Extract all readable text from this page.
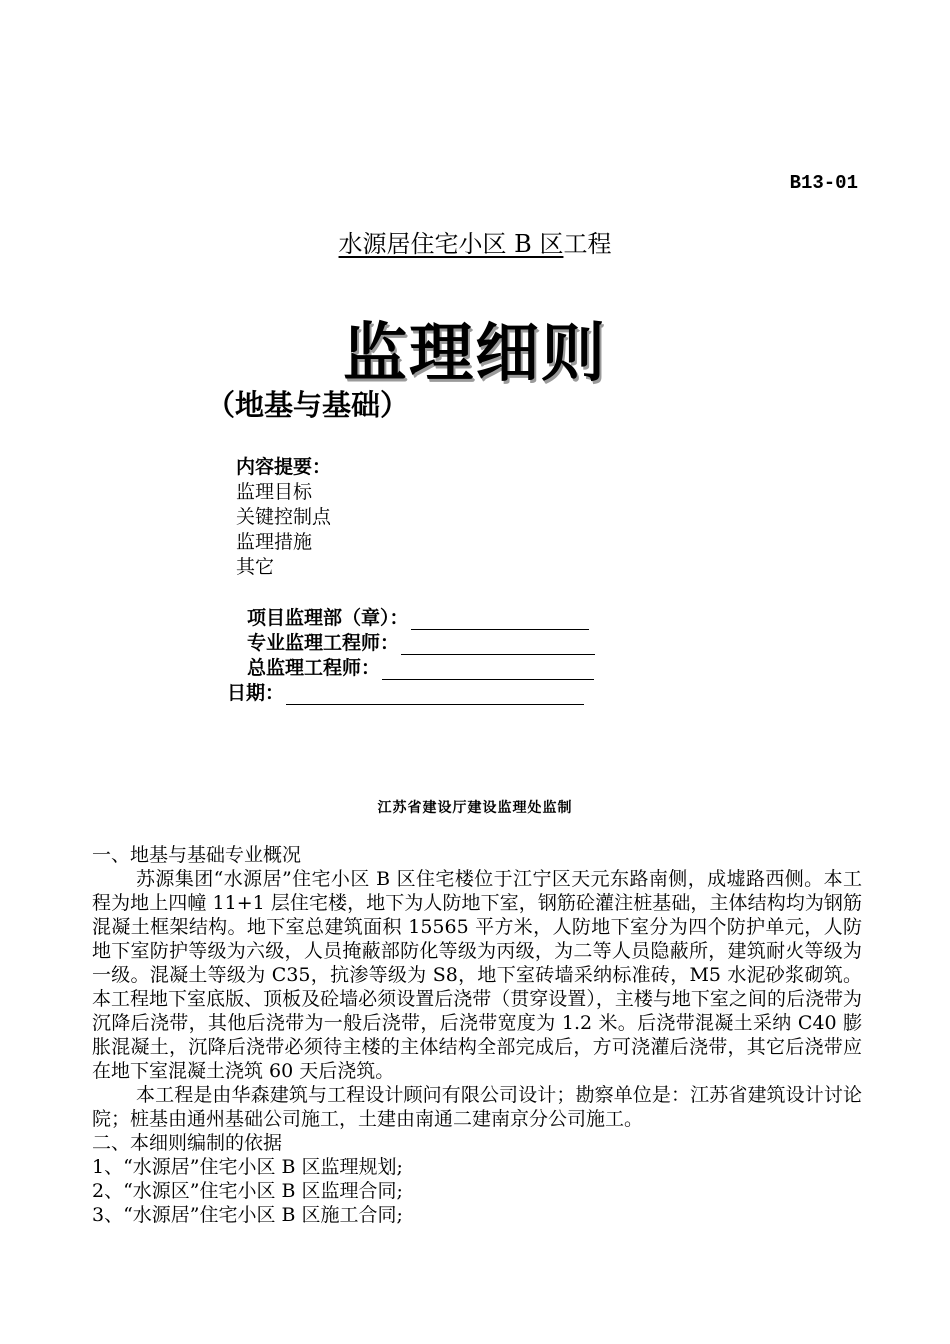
B13-01
水源居住宅小区 B 区工程
监理细则
（地基与基础）
内容提要：
监理目标
关键控制点
监理措施
其它
项目监理部（章）：
专业监理工程师：
总监理工程师：
日期：
江苏省建设厅建设监理处监制

一、地基与基础专业概况

苏源集团“水源居”住宅小区 B 区住宅楼位于江宁区天元东路南侧，成墟路西侧。本工程为地上四幢 11+1 层住宅楼，地下为人防地下室，钢筋砼灌注桩基础，主体结构均为钢筋混凝土框架结构。地下室总建筑面积 15565 平方米，人防地下室分为四个防护单元，人防地下室防护等级为六级，人员掩蔽部防化等级为丙级，为二等人员隐蔽所，建筑耐火等级为一级。混凝土等级为 C35，抗渗等级为 S8，地下室砖墙采纳标准砖，M5 水泥砂浆砌筑。本工程地下室底版、顶板及砼墙必须设置后浇带（贯穿设置），主楼与地下室之间的后浇带为沉降后浇带，其他后浇带为一般后浇带，后浇带宽度为 1.2 米。后浇带混凝土采纳 C40 膨胀混凝土，沉降后浇带必须待主楼的主体结构全部完成后，方可浇灌后浇带，其它后浇带应在地下室混凝土浇筑 60 天后浇筑。

本工程是由华森建筑与工程设计顾问有限公司设计；勘察单位是：江苏省建筑设计讨论院；桩基由通州基础公司施工，土建由南通二建南京分公司施工。

二、本细则编制的依据

1、“水源居”住宅小区 B 区监理规划;

2、“水源区”住宅小区 B 区监理合同;

3、“水源居”住宅小区 B 区施工合同;
